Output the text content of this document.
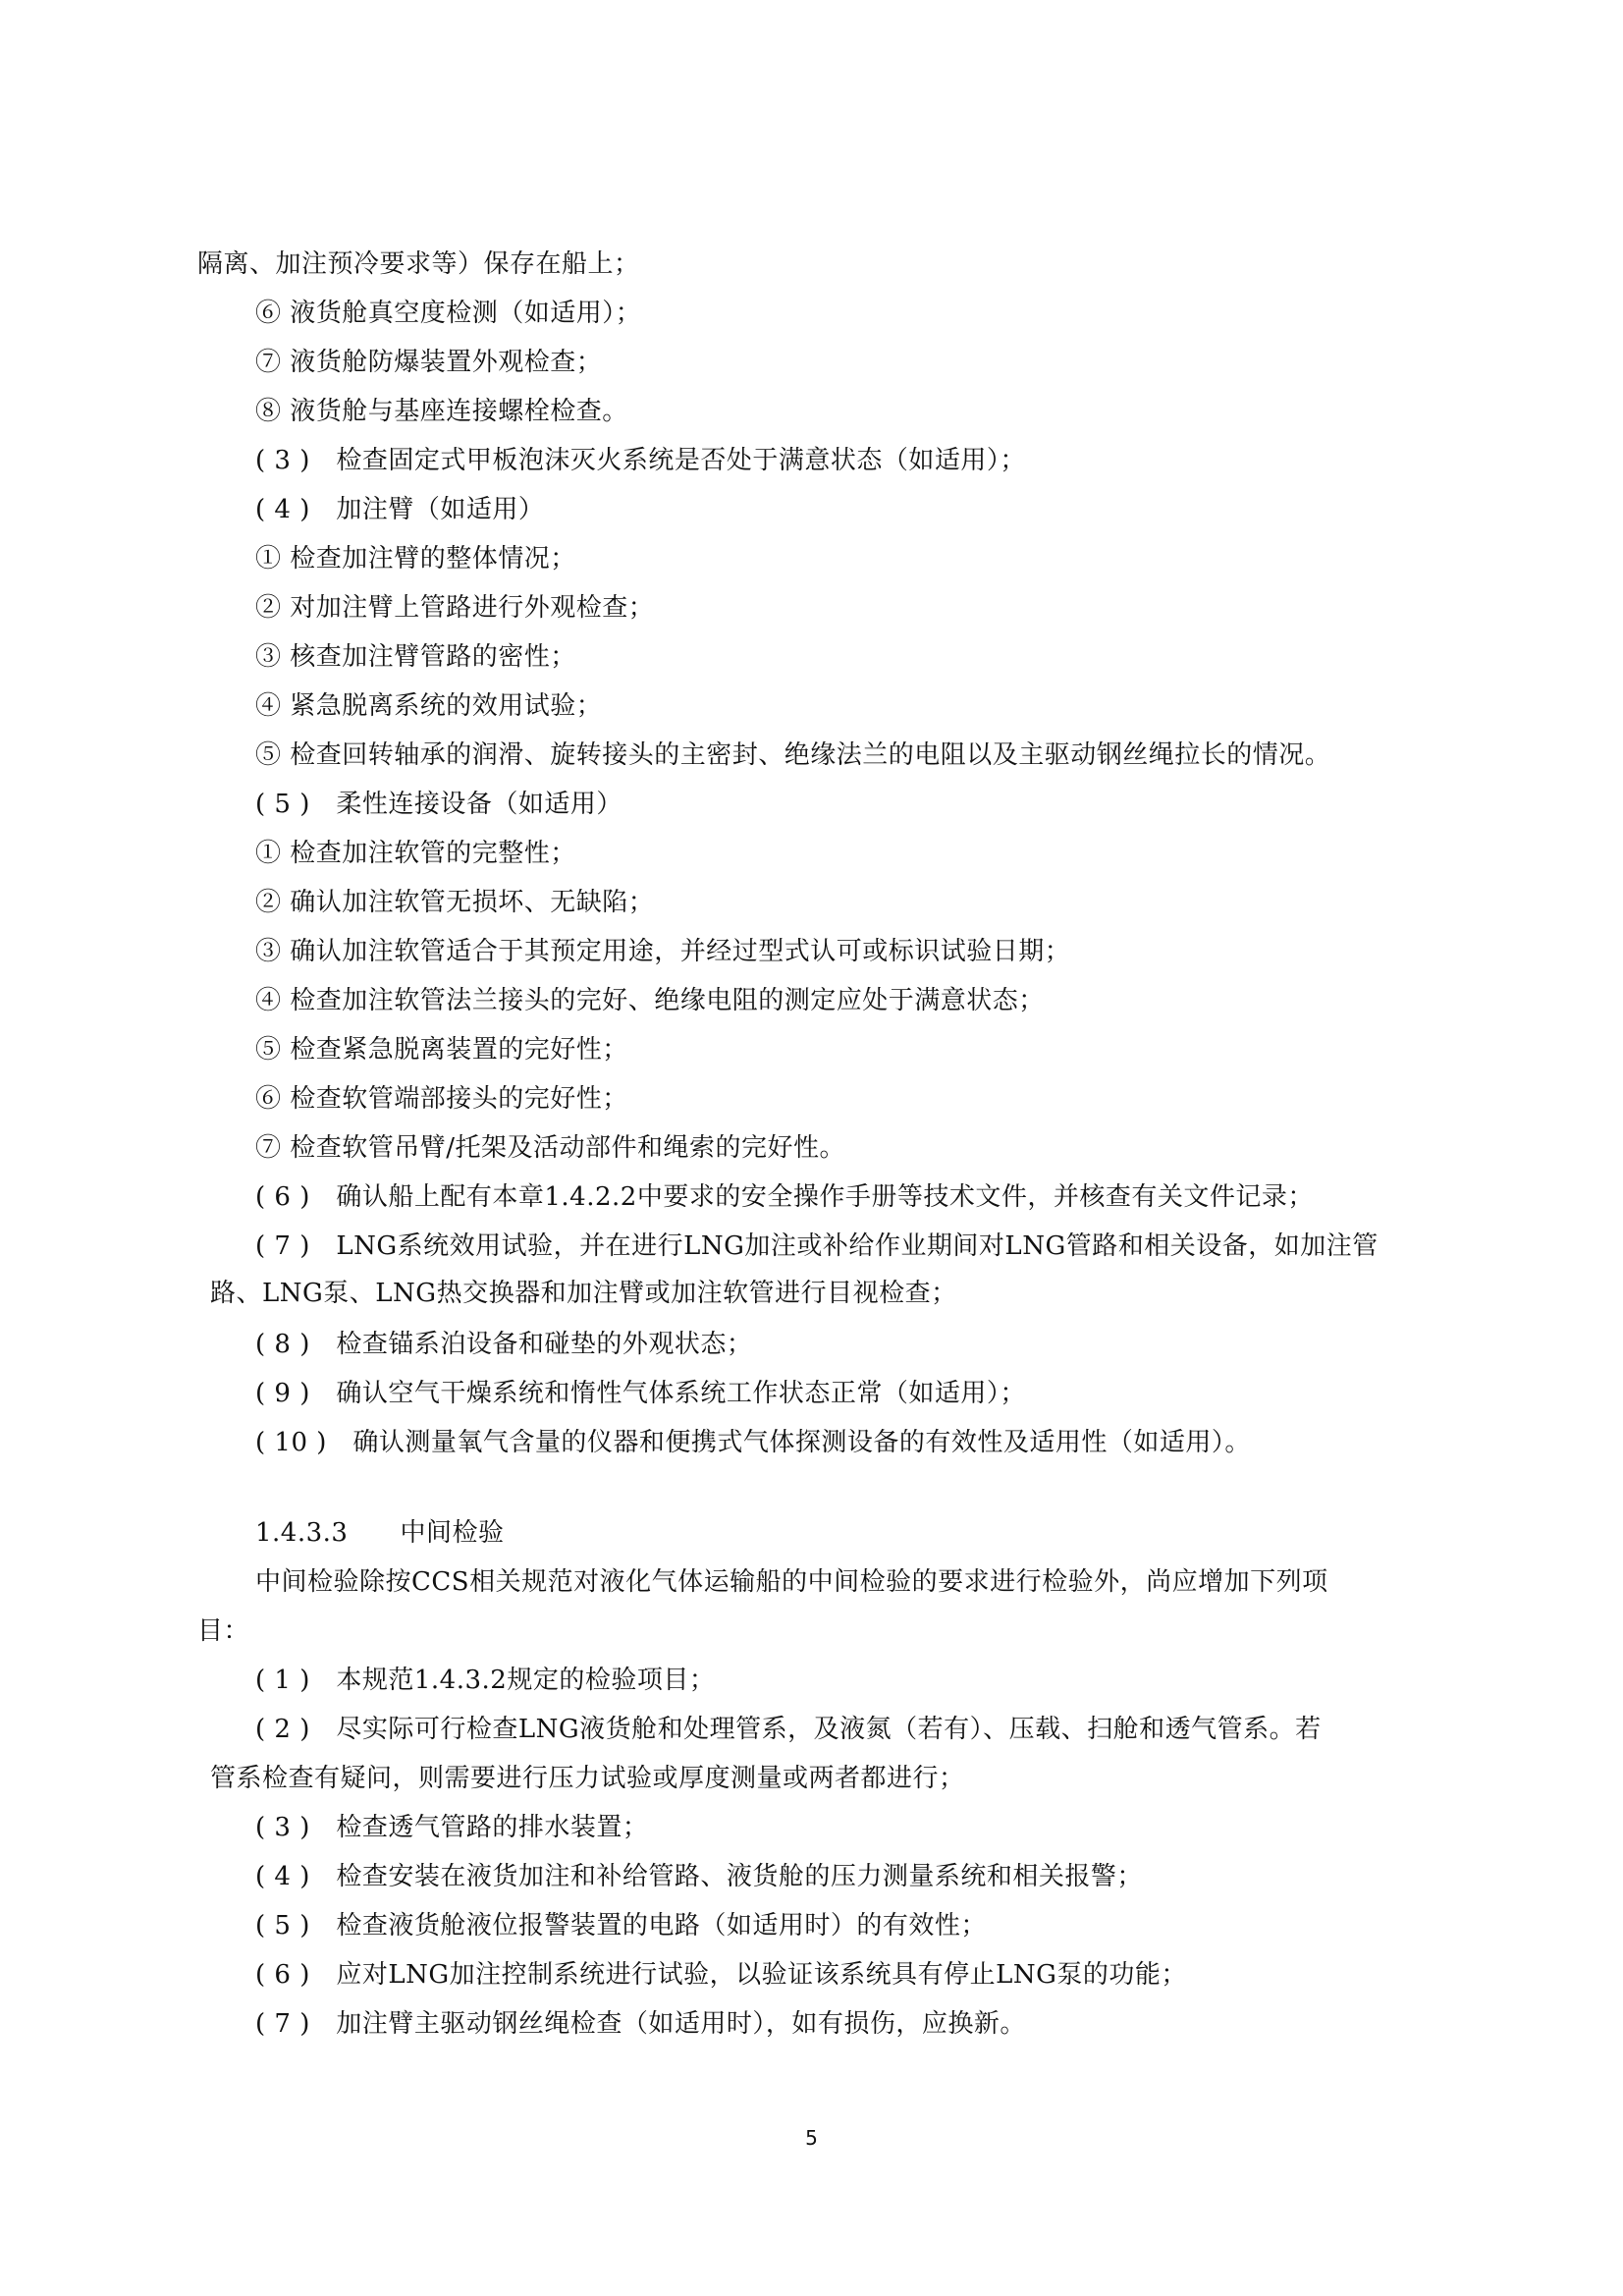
隔离、加注预冷要求等）保存在船上；
⑥ 液货舱真空度检测（如适用）；
⑦ 液货舱防爆装置外观检查；
⑧ 液货舱与基座连接螺栓检查。
( 3 )　检查固定式甲板泡沫灭火系统是否处于满意状态（如适用）；
( 4 )　加注臂（如适用）
① 检查加注臂的整体情况；
② 对加注臂上管路进行外观检查；
③ 核查加注臂管路的密性；
④ 紧急脱离系统的效用试验；
⑤ 检查回转轴承的润滑、旋转接头的主密封、绝缘法兰的电阻以及主驱动钢丝绳拉长的情况。
( 5 )　柔性连接设备（如适用）
① 检查加注软管的完整性；
② 确认加注软管无损坏、无缺陷；
③ 确认加注软管适合于其预定用途，并经过型式认可或标识试验日期；
④ 检查加注软管法兰接头的完好、绝缘电阻的测定应处于满意状态；
⑤ 检查紧急脱离装置的完好性；
⑥ 检查软管端部接头的完好性；
⑦ 检查软管吊臂/托架及活动部件和绳索的完好性。
( 6 )　确认船上配有本章1.4.2.2中要求的安全操作手册等技术文件，并核查有关文件记录；
( 7 )　LNG系统效用试验，并在进行LNG加注或补给作业期间对LNG管路和相关设备，如加注管
路、LNG泵、LNG热交换器和加注臂或加注软管进行目视检查；
( 8 )　检查锚系泊设备和碰垫的外观状态；
( 9 )　确认空气干燥系统和惰性气体系统工作状态正常（如适用）；
( 10 )　确认测量氧气含量的仪器和便携式气体探测设备的有效性及适用性（如适用）。
1.4.3.3　　中间检验
中间检验除按CCS相关规范对液化气体运输船的中间检验的要求进行检验外，尚应增加下列项
目：
( 1 )　本规范1.4.3.2规定的检验项目；
( 2 )　尽实际可行检查LNG液货舱和处理管系，及液氮（若有）、压载、扫舱和透气管系。若
管系检查有疑问，则需要进行压力试验或厚度测量或两者都进行；
( 3 )　检查透气管路的排水装置；
( 4 )　检查安装在液货加注和补给管路、液货舱的压力测量系统和相关报警；
( 5 )　检查液货舱液位报警装置的电路（如适用时）的有效性；
( 6 )　应对LNG加注控制系统进行试验，以验证该系统具有停止LNG泵的功能；
( 7 )　加注臂主驱动钢丝绳检查（如适用时），如有损伤，应换新。
5
